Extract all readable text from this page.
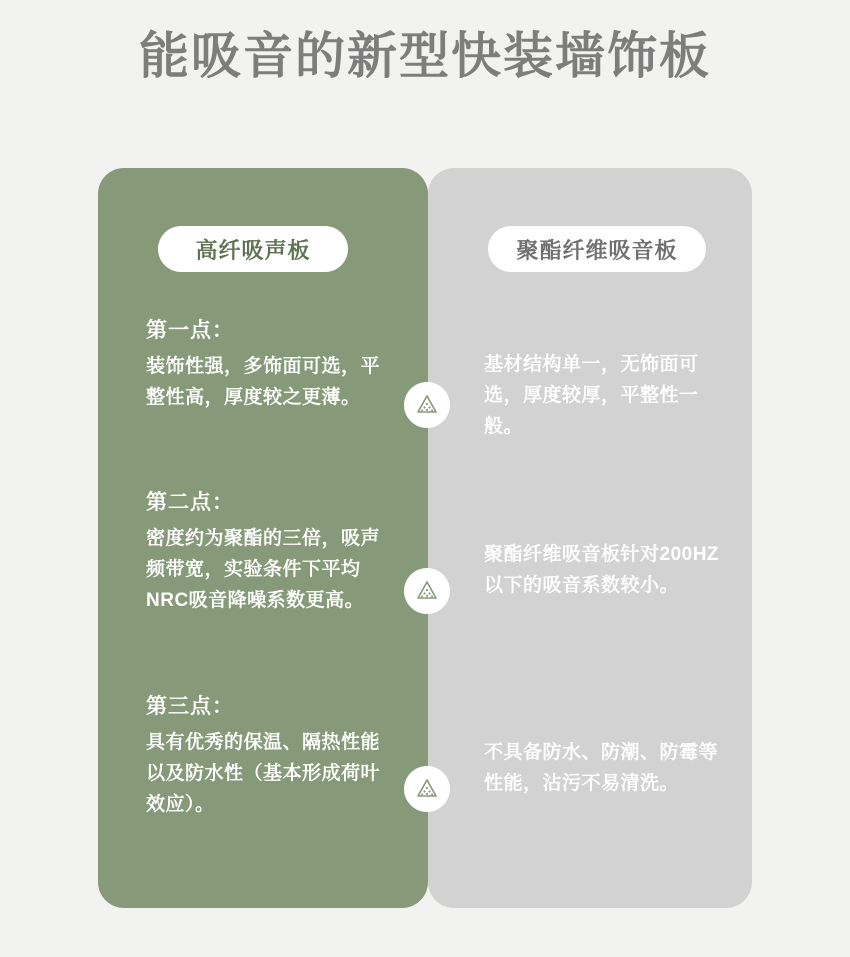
能吸音的新型快装墙饰板
高纤吸声板	聚酯纤维吸音板
第一点：
装饰性强，多饰面可选，平整性高，厚度较之更薄。
第二点：
密度约为聚酯的三倍，吸声频带宽，实验条件下平均NRC吸音降噪系数更高。
第三点：
具有优秀的保温、隔热性能以及防水性（基本形成荷叶效应）。
基材结构单一，无饰面可选，厚度较厚，平整性一般。
聚酯纤维吸音板针对200HZ以下的吸音系数较小。
不具备防水、防潮、防霉等性能，沾污不易清洗。
